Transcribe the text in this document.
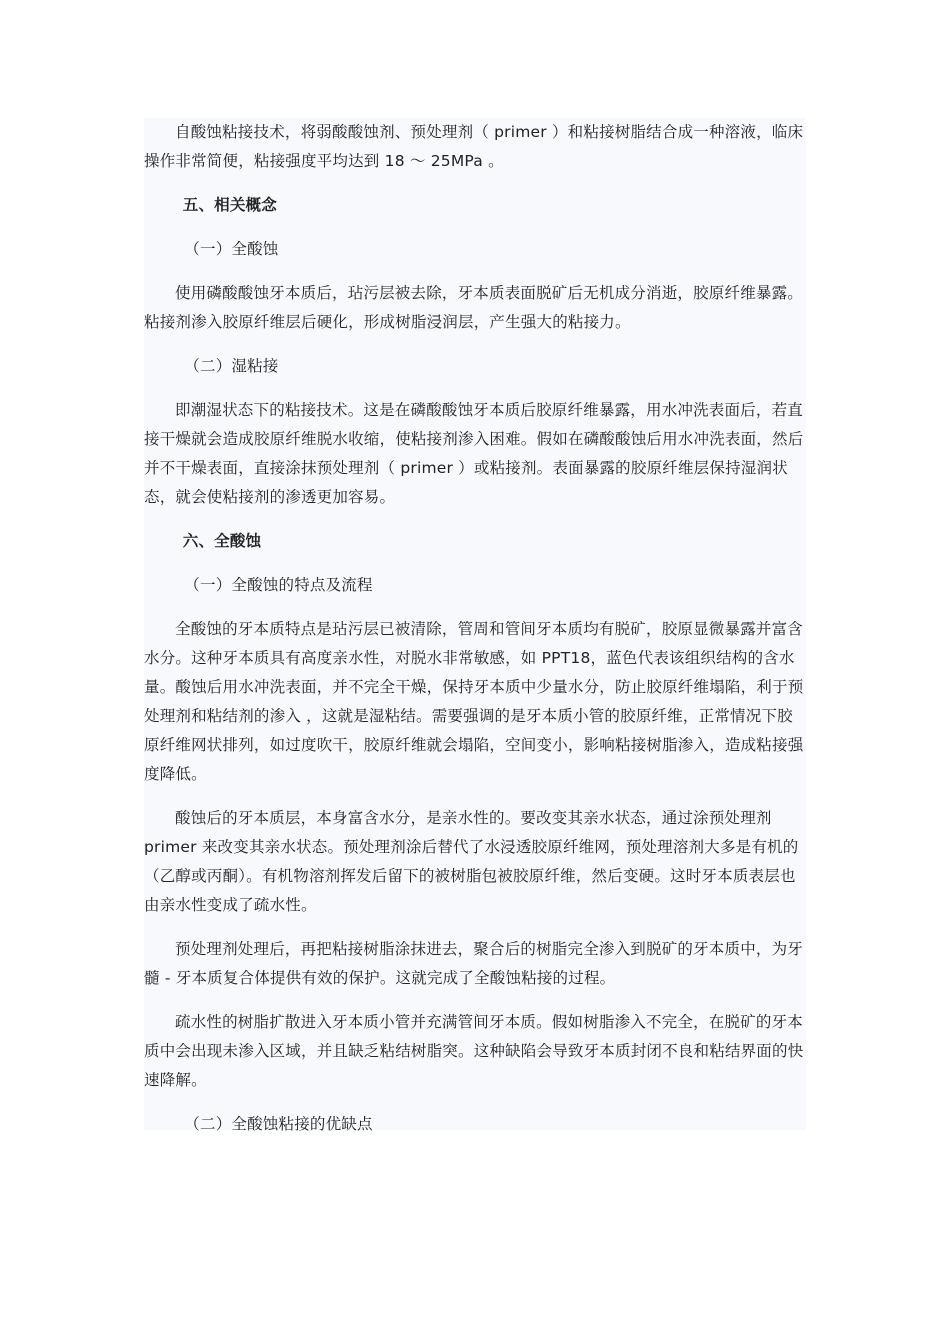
自酸蚀粘接技术，将弱酸酸蚀剂、预处理剂（ primer ）和粘接树脂结合成一种溶液，临床操作非常简便，粘接强度平均达到 18 ～ 25MPa 。

五、相关概念

（一）全酸蚀

使用磷酸酸蚀牙本质后，玷污层被去除，牙本质表面脱矿后无机成分消逝，胶原纤维暴露。粘接剂渗入胶原纤维层后硬化，形成树脂浸润层，产生强大的粘接力。

（二）湿粘接

即潮湿状态下的粘接技术。这是在磷酸酸蚀牙本质后胶原纤维暴露，用水冲洗表面后，若直接干燥就会造成胶原纤维脱水收缩，使粘接剂渗入困难。假如在磷酸酸蚀后用水冲洗表面，然后并不干燥表面，直接涂抹预处理剂（ primer ）或粘接剂。表面暴露的胶原纤维层保持湿润状态，就会使粘接剂的渗透更加容易。

六、全酸蚀

（一）全酸蚀的特点及流程

全酸蚀的牙本质特点是玷污层已被清除，管周和管间牙本质均有脱矿，胶原显微暴露并富含水分。这种牙本质具有高度亲水性，对脱水非常敏感，如 PPT18，蓝色代表该组织结构的含水量。酸蚀后用水冲洗表面，并不完全干燥，保持牙本质中少量水分，防止胶原纤维塌陷，利于预处理剂和粘结剂的渗入 ，这就是湿粘结。需要强调的是牙本质小管的胶原纤维，正常情况下胶原纤维网状排列，如过度吹干，胶原纤维就会塌陷，空间变小，影响粘接树脂渗入，造成粘接强度降低。

酸蚀后的牙本质层，本身富含水分，是亲水性的。要改变其亲水状态，通过涂预处理剂 primer 来改变其亲水状态。预处理剂涂后替代了水浸透胶原纤维网，预处理溶剂大多是有机的（乙醇或丙酮）。有机物溶剂挥发后留下的被树脂包被胶原纤维，然后变硬。这时牙本质表层也由亲水性变成了疏水性。

预处理剂处理后，再把粘接树脂涂抹进去，聚合后的树脂完全渗入到脱矿的牙本质中，为牙髓 - 牙本质复合体提供有效的保护。这就完成了全酸蚀粘接的过程。

疏水性的树脂扩散进入牙本质小管并充满管间牙本质。假如树脂渗入不完全，在脱矿的牙本质中会出现未渗入区域，并且缺乏粘结树脂突。这种缺陷会导致牙本质封闭不良和粘结界面的快速降解。

（二）全酸蚀粘接的优缺点
